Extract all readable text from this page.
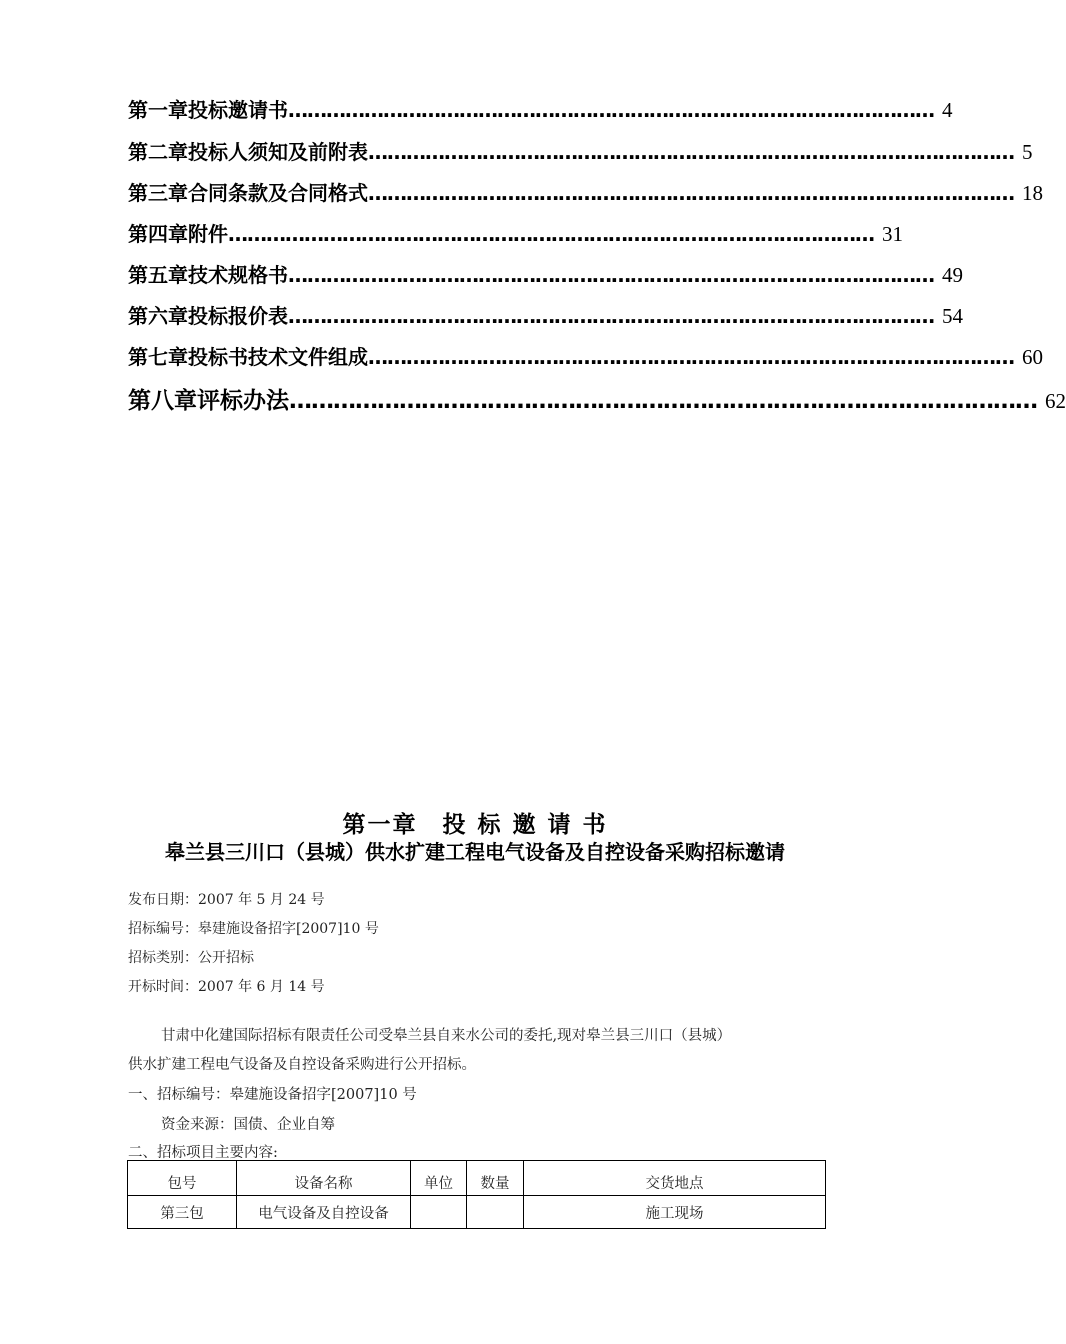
第一章 投标邀请书 ………………………………………………………………………………………… 4
第二章 投标人须知及前附表 ………………………………………………………………………………………… 5
第三章 合同条款及合同格式 ………………………………………………………………………………………… 18
第四章 附件 ………………………………………………………………………………………… 31
第五章 技术规格书 ………………………………………………………………………………………… 49
第六章 投标报价表 ………………………………………………………………………………………… 54
第七章 投标书技术文件组成 ………………………………………………………………………………………… 60
第八章 评标办法 ………………………………………………………………………………………… 62
第一章　投 标 邀 请 书
皋兰县三川口（县城）供水扩建工程电气设备及自控设备采购招标邀请
发布日期：2007 年 5 月 24 号
招标编号：皋建施设备招字[2007]10 号
招标类别：公开招标
开标时间：2007 年 6 月 14 号
甘肃中化建国际招标有限责任公司受皋兰县自来水公司的委托,现对皋兰县三川口（县城）
供水扩建工程电气设备及自控设备采购进行公开招标。
一、招标编号：皋建施设备招字[2007]10 号
资金来源：国债、企业自筹
二、招标项目主要内容:
包号	设备名称	单位	数量	交货地点
第三包	电气设备及自控设备			施工现场
